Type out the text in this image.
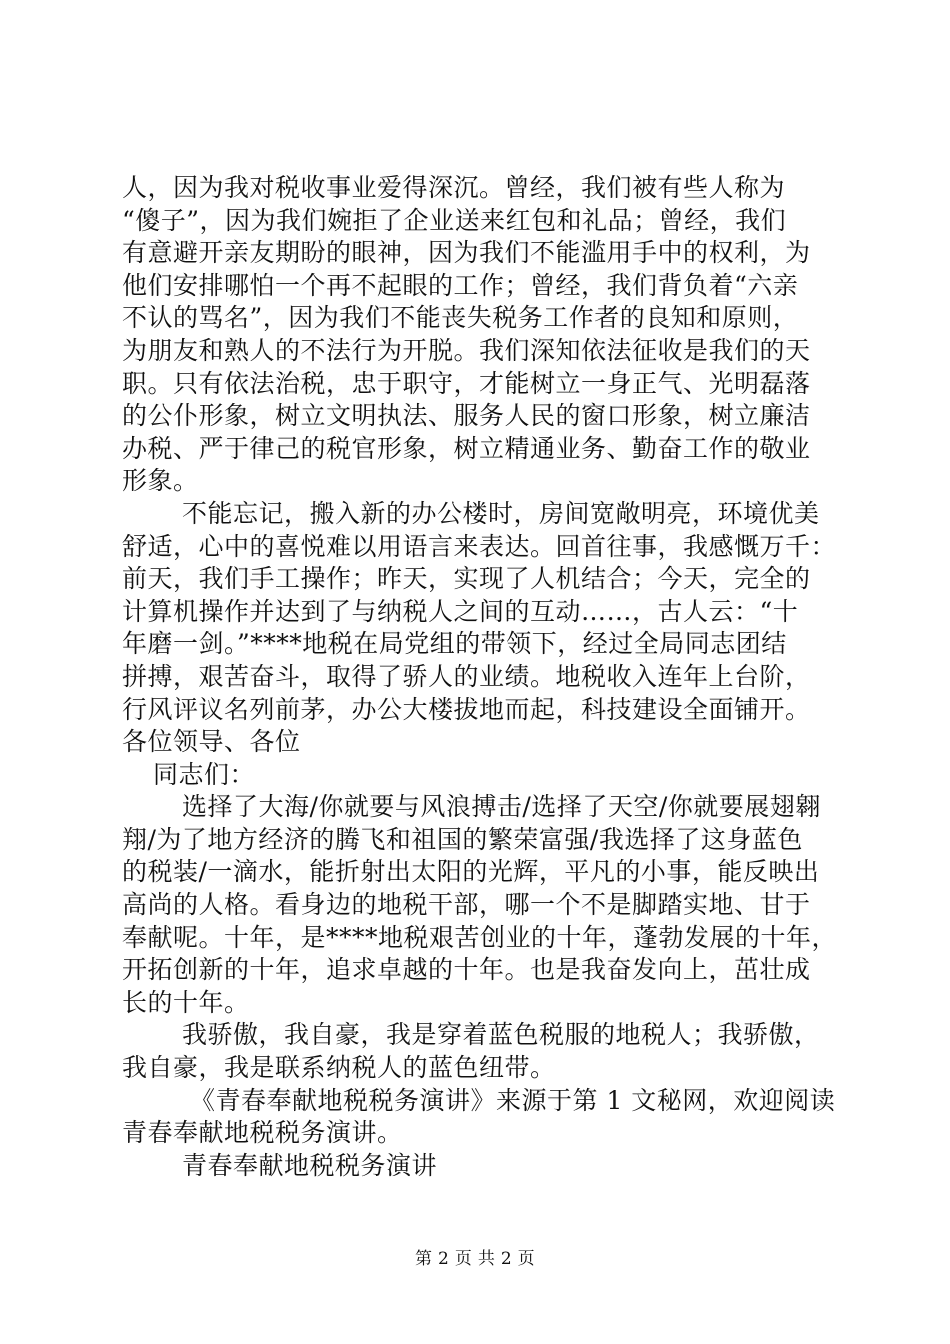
人，因为我对税收事业爱得深沉。曾经，我们被有些人称为
“傻子”，因为我们婉拒了企业送来红包和礼品；曾经，我们
有意避开亲友期盼的眼神，因为我们不能滥用手中的权利，为
他们安排哪怕一个再不起眼的工作；曾经，我们背负着“六亲
不认的骂名”，因为我们不能丧失税务工作者的良知和原则，
为朋友和熟人的不法行为开脱。我们深知依法征收是我们的天
职。只有依法治税，忠于职守，才能树立一身正气、光明磊落
的公仆形象，树立文明执法、服务人民的窗口形象，树立廉洁
办税、严于律己的税官形象，树立精通业务、勤奋工作的敬业
形象。
不能忘记，搬入新的办公楼时，房间宽敞明亮，环境优美
舒适，心中的喜悦难以用语言来表达。回首往事，我感慨万千：
前天，我们手工操作；昨天，实现了人机结合；今天，完全的
计算机操作并达到了与纳税人之间的互动……，古人云：“十
年磨一剑。”****地税在局党组的带领下，经过全局同志团结
拼搏，艰苦奋斗，取得了骄人的业绩。地税收入连年上台阶，
行风评议名列前茅，办公大楼拔地而起，科技建设全面铺开。
各位领导、各位
同志们：
选择了大海/你就要与风浪搏击/选择了天空/你就要展翅翱
翔/为了地方经济的腾飞和祖国的繁荣富强/我选择了这身蓝色
的税装/一滴水，能折射出太阳的光辉，平凡的小事，能反映出
高尚的人格。看身边的地税干部，哪一个不是脚踏实地、甘于
奉献呢。十年，是****地税艰苦创业的十年，蓬勃发展的十年，
开拓创新的十年，追求卓越的十年。也是我奋发向上，茁壮成
长的十年。
我骄傲，我自豪，我是穿着蓝色税服的地税人；我骄傲，
我自豪，我是联系纳税人的蓝色纽带。
《青春奉献地税税务演讲》来源于第 1 文秘网，欢迎阅读
青春奉献地税税务演讲。
青春奉献地税税务演讲
第 2 页 共 2 页
